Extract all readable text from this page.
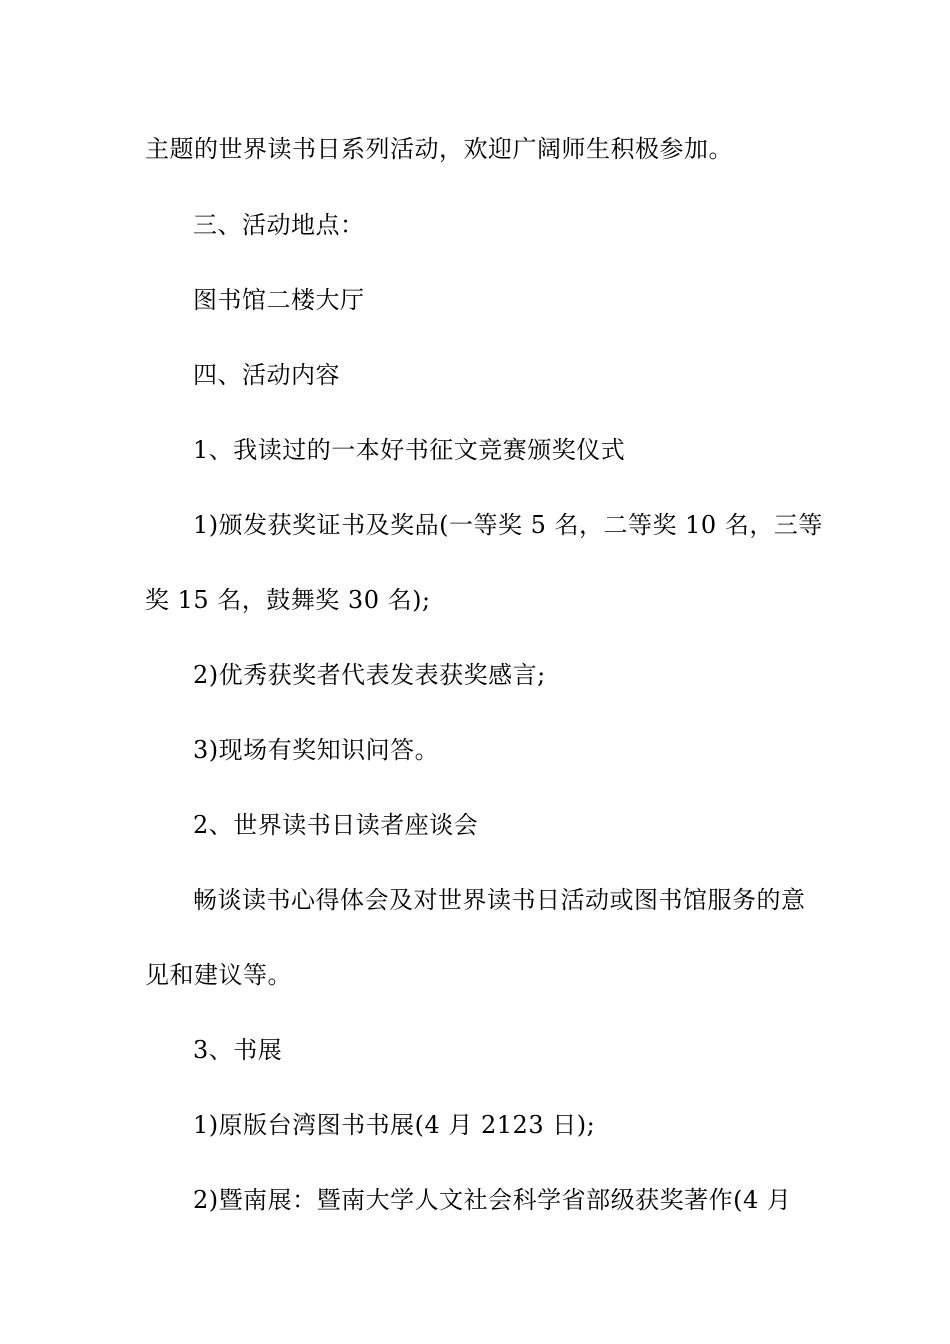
主题的世界读书日系列活动，欢迎广阔师生积极参加。
三、活动地点：
图书馆二楼大厅
四、活动内容
1、我读过的一本好书征文竞赛颁奖仪式
1)颁发获奖证书及奖品(一等奖 5 名，二等奖 10 名，三等
奖 15 名，鼓舞奖 30 名);
2)优秀获奖者代表发表获奖感言;
3)现场有奖知识问答。
2、世界读书日读者座谈会
畅谈读书心得体会及对世界读书日活动或图书馆服务的意
见和建议等。
3、书展
1)原版台湾图书书展(4 月 2123 日);
2)暨南展：暨南大学人文社会科学省部级获奖著作(4 月
